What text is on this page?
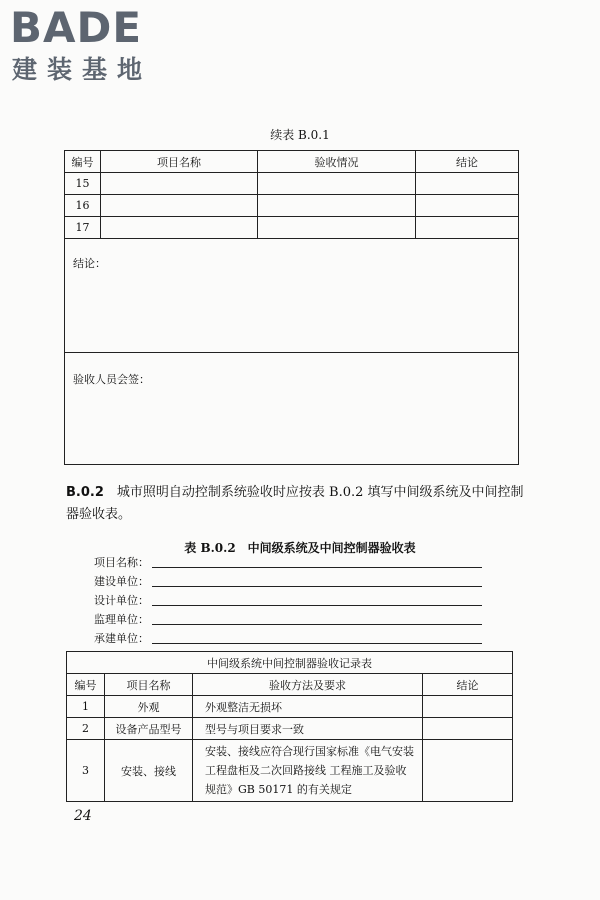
BADE
建装基地
续表 B.0.1
编号	项目名称	验收情况	结论
15			
16			
17			
结论：			
验收人员会签：			
B.0.2　 城市照明自动控制系统验收时应按表 B.0.2 填写中间级系统及中间控制器验收表。
表 B.0.2　中间级系统及中间控制器验收表
项目名称：
建设单位：
设计单位：
监理单位：
承建单位：
中间级系统中间控制器验收记录表			
编号	项目名称	验收方法及要求	结论
1	外观	外观整洁无损坏	
2	设备产品型号	型号与项目要求一致	
3	安装、接线	安装、接线应符合现行国家标准《电气安装工程盘柜及二次回路接线 工程施工及验收规范》GB 50171 的有关规定	
24
